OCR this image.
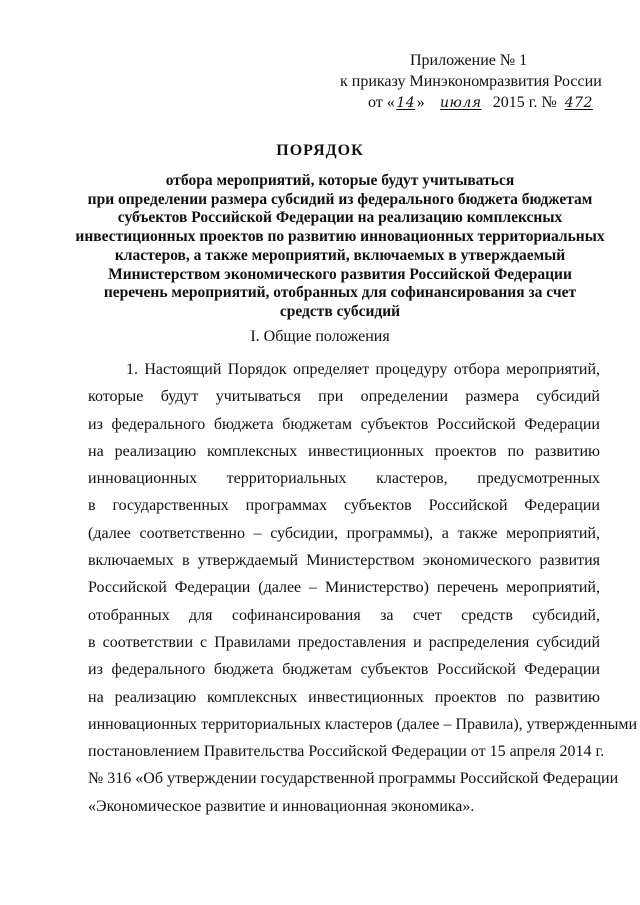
Приложение № 1
к приказу Минэкономразвития России
от « 14» июля 2015 г. № 472
ПОРЯДОК
отбора мероприятий, которые будут учитываться
при определении размера субсидий из федерального бюджета бюджетам
субъектов Российской Федерации на реализацию комплексных
инвестиционных проектов по развитию инновационных территориальных
кластеров, а также мероприятий, включаемых в утверждаемый
Министерством экономического развития Российской Федерации
перечень мероприятий, отобранных для софинансирования за счет
средств субсидий
I. Общие положения
1. Настоящий Порядок определяет процедуру отбора мероприятий,
которые будут учитываться при определении размера субсидий
из федерального бюджета бюджетам субъектов Российской Федерации
на реализацию комплексных инвестиционных проектов по развитию
инновационных территориальных кластеров, предусмотренных
в государственных программах субъектов Российской Федерации
(далее соответственно – субсидии, программы), а также мероприятий,
включаемых в утверждаемый Министерством экономического развития
Российской Федерации (далее – Министерство) перечень мероприятий,
отобранных для софинансирования за счет средств субсидий,
в соответствии с Правилами предоставления и распределения субсидий
из федерального бюджета бюджетам субъектов Российской Федерации
на реализацию комплексных инвестиционных проектов по развитию
инновационных территориальных кластеров (далее – Правила), утвержденными
постановлением Правительства Российской Федерации от 15 апреля 2014 г.
№ 316 «Об утверждении государственной программы Российской Федерации
«Экономическое развитие и инновационная экономика».
